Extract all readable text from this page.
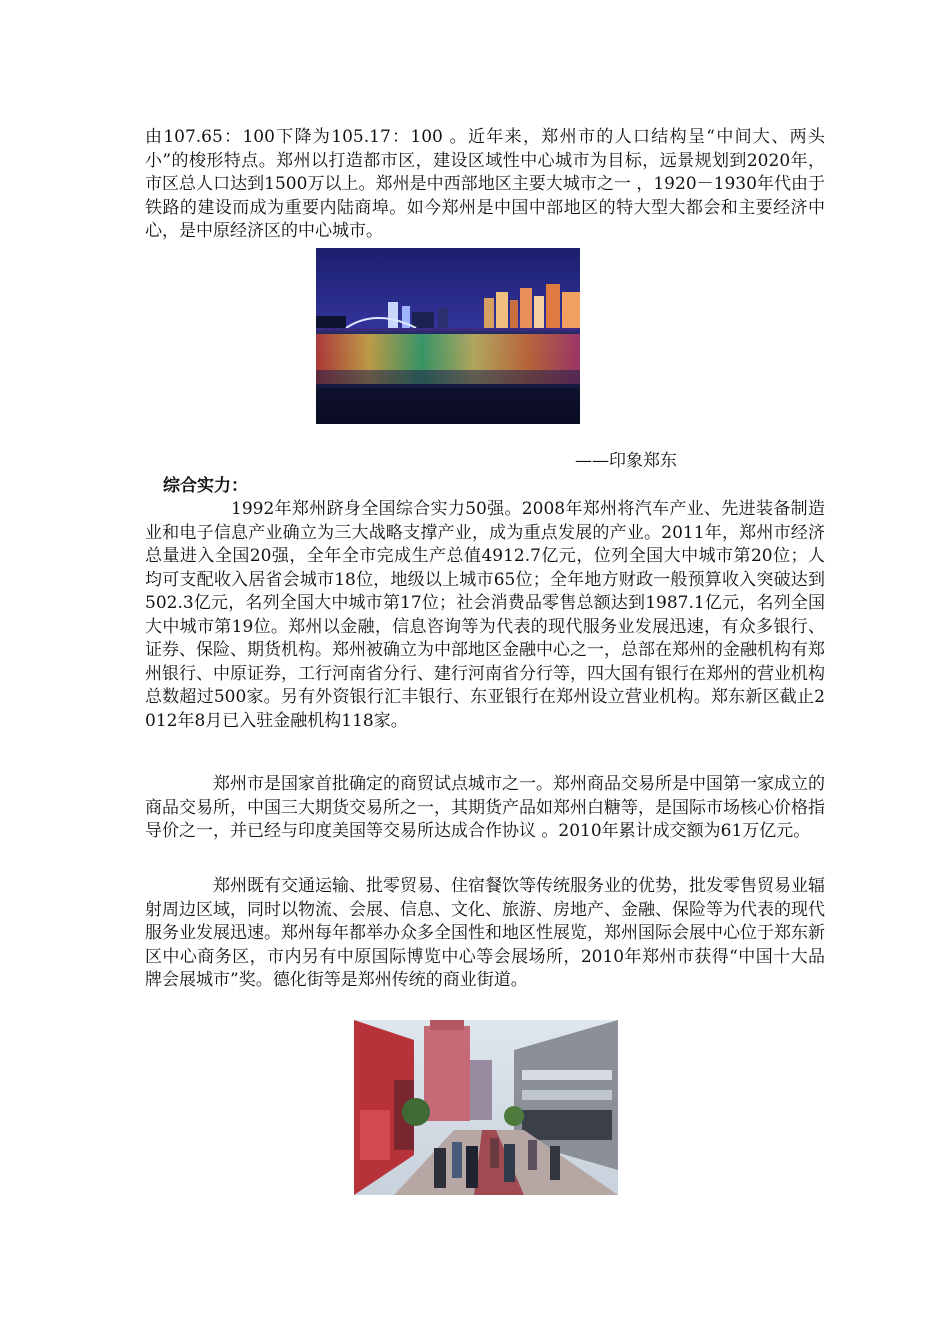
由107.65：100下降为105.17：100 。近年来，郑州市的人口结构呈“中间大、两头小”的梭形特点。郑州以打造都市区，建设区域性中心城市为目标，远景规划到2020年，市区总人口达到1500万以上。郑州是中西部地区主要大城市之一 ，1920－1930年代由于铁路的建设而成为重要内陆商埠。如今郑州是中国中部地区的特大型大都会和主要经济中心，是中原经济区的中心城市。

——印象郑东
综合实力：

1992年郑州跻身全国综合实力50强。2008年郑州将汽车产业、先进装备制造业和电子信息产业确立为三大战略支撑产业，成为重点发展的产业。2011年，郑州市经济总量进入全国20强，全年全市完成生产总值4912.7亿元，位列全国大中城市第20位；人均可支配收入居省会城市18位，地级以上城市65位；全年地方财政一般预算收入突破达到502.3亿元，名列全国大中城市第17位；社会消费品零售总额达到1987.1亿元，名列全国大中城市第19位。郑州以金融，信息咨询等为代表的现代服务业发展迅速，有众多银行、证券、保险、期货机构。郑州被确立为中部地区金融中心之一，总部在郑州的金融机构有郑州银行、中原证券，工行河南省分行、建行河南省分行等，四大国有银行在郑州的营业机构总数超过500家。另有外资银行汇丰银行、东亚银行在郑州设立营业机构。郑东新区截止2012年8月已入驻金融机构118家。

郑州市是国家首批确定的商贸试点城市之一。郑州商品交易所是中国第一家成立的商品交易所，中国三大期货交易所之一，其期货产品如郑州白糖等，是国际市场核心价格指导价之一，并已经与印度美国等交易所达成合作协议 。2010年累计成交额为61万亿元。

郑州既有交通运输、批零贸易、住宿餐饮等传统服务业的优势，批发零售贸易业辐射周边区域，同时以物流、会展、信息、文化、旅游、房地产、金融、保险等为代表的现代服务业发展迅速。郑州每年都举办众多全国性和地区性展览，郑州国际会展中心位于郑东新区中心商务区，市内另有中原国际博览中心等会展场所，2010年郑州市获得“中国十大品牌会展城市”奖。德化街等是郑州传统的商业街道。
